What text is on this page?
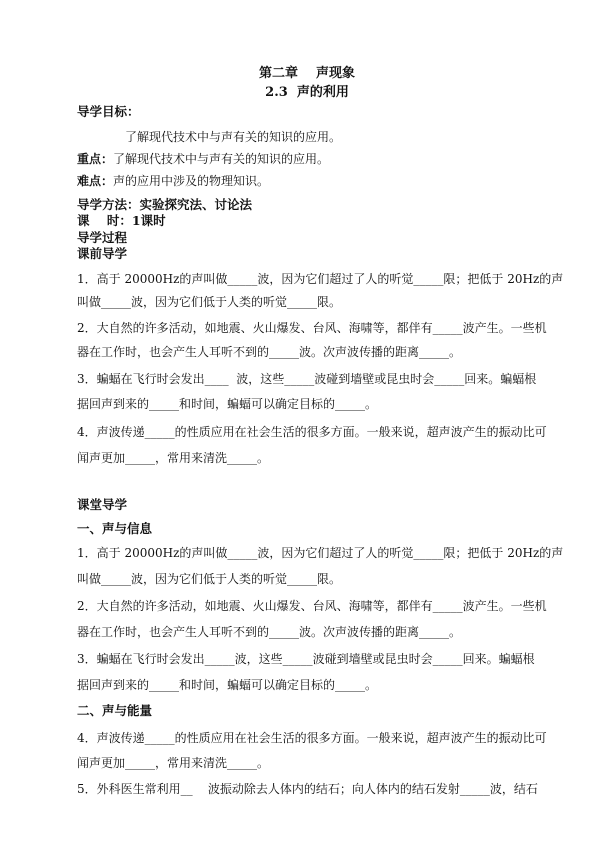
第二章    声现象
2.3  声的利用
导学目标：
了解现代技术中与声有关的知识的应用。
重点：了解现代技术中与声有关的知识的应用。
难点：声的应用中涉及的物理知识。
导学方法：实验探究法、讨论法
课    时：1课时
导学过程
课前导学
1．高于 20000Hz的声叫做_____波，因为它们超过了人的听觉_____限；把低于 20Hz的声
叫做_____波，因为它们低于人类的听觉_____限。
2．大自然的许多活动，如地震、火山爆发、台风、海啸等，都伴有_____波产生。一些机
器在工作时，也会产生人耳听不到的_____波。次声波传播的距离_____。
3．蝙蝠在飞行时会发出____  波，这些_____波碰到墙壁或昆虫时会_____回来。蝙蝠根
据回声到来的_____和时间，蝙蝠可以确定目标的_____。
4．声波传递_____的性质应用在社会生活的很多方面。一般来说，超声波产生的振动比可
闻声更加_____，常用来清洗_____。
课堂导学
一、声与信息
1．高于 20000Hz的声叫做_____波，因为它们超过了人的听觉_____限；把低于 20Hz的声
叫做_____波，因为它们低于人类的听觉_____限。
2．大自然的许多活动，如地震、火山爆发、台风、海啸等，都伴有_____波产生。一些机
器在工作时，也会产生人耳听不到的_____波。次声波传播的距离_____。
3．蝙蝠在飞行时会发出_____波，这些_____波碰到墙壁或昆虫时会_____回来。蝙蝠根
据回声到来的_____和时间，蝙蝠可以确定目标的_____。
二、声与能量
4．声波传递_____的性质应用在社会生活的很多方面。一般来说，超声波产生的振动比可
闻声更加_____，常用来清洗_____。
5．外科医生常利用__    波振动除去人体内的结石；向人体内的结石发射_____波，结石
